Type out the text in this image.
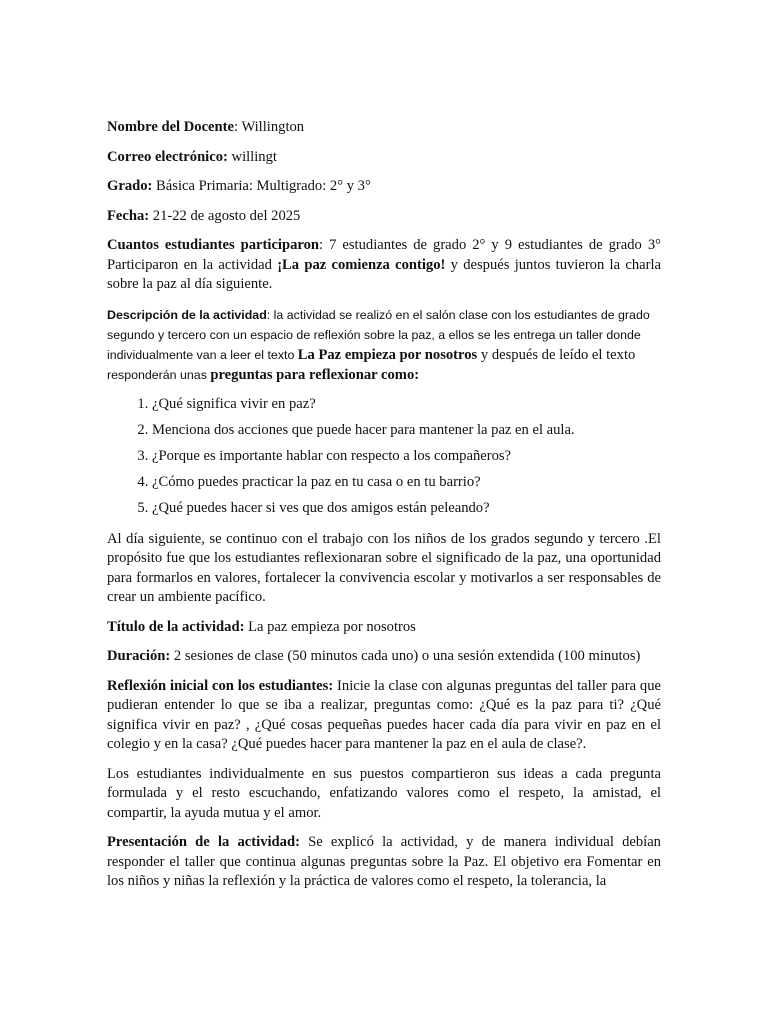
Nombre del Docente: Willington

Correo electrónico: willingt

Grado: Básica Primaria: Multigrado: 2° y 3°

Fecha: 21-22 de agosto del 2025

Cuantos estudiantes participaron: 7 estudiantes de grado 2° y 9 estudiantes de grado 3° Participaron en la actividad ¡La paz comienza contigo! y después juntos tuvieron la charla sobre la paz al día siguiente.

Descripción de la actividad: la actividad se realizó en el salón clase con los estudiantes de grado segundo y tercero con un espacio de reflexión sobre la paz, a ellos se les entrega un taller donde individualmente van a leer el texto La Paz empieza por nosotros y después de leído el texto responderán unas preguntas para reflexionar como:

1. ¿Qué significa vivir en paz?
2. Menciona dos acciones que puede hacer para mantener la paz en el aula.
3. ¿Porque es importante hablar con respecto a los compañeros?
4. ¿Cómo puedes practicar la paz en tu casa o en tu barrio?
5. ¿Qué puedes hacer si ves que dos amigos están peleando?

Al día siguiente, se continuo con el trabajo con los niños de los grados segundo y tercero .El propósito fue que los estudiantes reflexionaran sobre el significado de la paz, una oportunidad para formarlos en valores, fortalecer la convivencia escolar y motivarlos a ser responsables de crear un ambiente pacífico.

Título de la actividad: La paz empieza por nosotros

Duración: 2 sesiones de clase (50 minutos cada uno) o una sesión extendida (100 minutos)

Reflexión inicial con los estudiantes: Inicie la clase con algunas preguntas del taller para que pudieran entender lo que se iba a realizar, preguntas como: ¿Qué es la paz para ti? ¿Qué significa vivir en paz? , ¿Qué cosas pequeñas puedes hacer cada día para vivir en paz en el colegio y en la casa? ¿Qué puedes hacer para mantener la paz en el aula de clase?.

Los estudiantes individualmente en sus puestos compartieron sus ideas a cada pregunta formulada y el resto escuchando, enfatizando valores como el respeto, la amistad, el compartir, la ayuda mutua y el amor.

Presentación de la actividad: Se explicó la actividad, y de manera individual debían responder el taller que continua algunas preguntas sobre la Paz. El objetivo era Fomentar en los niños y niñas la reflexión y la práctica de valores como el respeto, la tolerancia, la
